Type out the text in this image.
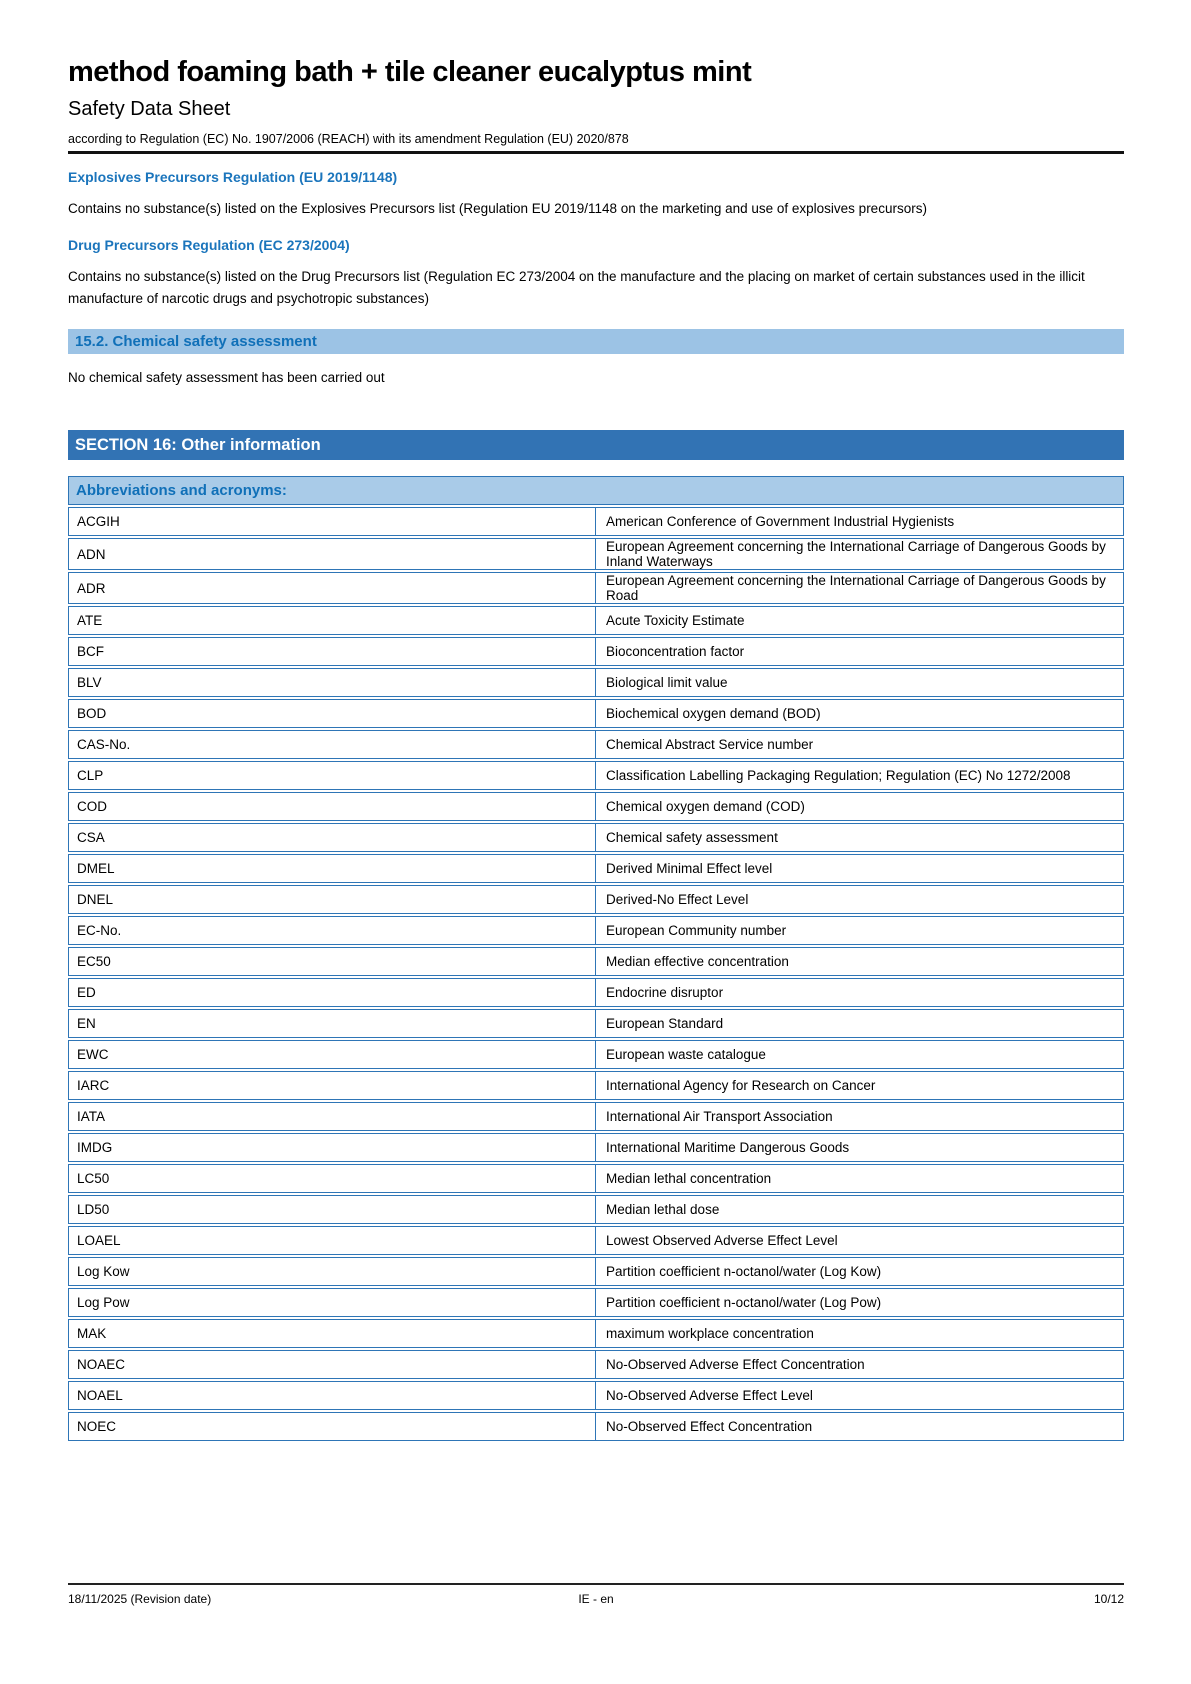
method foaming bath + tile cleaner eucalyptus mint
Safety Data Sheet
according to Regulation (EC) No. 1907/2006 (REACH) with its amendment Regulation (EU) 2020/878
Explosives Precursors Regulation (EU 2019/1148)
Contains no substance(s) listed on the Explosives Precursors list (Regulation EU 2019/1148 on the marketing and use of explosives precursors)
Drug Precursors Regulation (EC 273/2004)
Contains no substance(s) listed on the Drug Precursors list (Regulation EC 273/2004 on the manufacture and the placing on market of certain substances used in the illicit manufacture of narcotic drugs and psychotropic substances)
15.2. Chemical safety assessment
No chemical safety assessment has been carried out
SECTION 16: Other information
Abbreviations and acronyms:	
ACGIH	American Conference of Government Industrial Hygienists
ADN	European Agreement concerning the International Carriage of Dangerous Goods by Inland Waterways
ADR	European Agreement concerning the International Carriage of Dangerous Goods by Road
ATE	Acute Toxicity Estimate
BCF	Bioconcentration factor
BLV	Biological limit value
BOD	Biochemical oxygen demand (BOD)
CAS-No.	Chemical Abstract Service number
CLP	Classification Labelling Packaging Regulation; Regulation (EC) No 1272/2008
COD	Chemical oxygen demand (COD)
CSA	Chemical safety assessment
DMEL	Derived Minimal Effect level
DNEL	Derived-No Effect Level
EC-No.	European Community number
EC50	Median effective concentration
ED	Endocrine disruptor
EN	European Standard
EWC	European waste catalogue
IARC	International Agency for Research on Cancer
IATA	International Air Transport Association
IMDG	International Maritime Dangerous Goods
LC50	Median lethal concentration
LD50	Median lethal dose
LOAEL	Lowest Observed Adverse Effect Level
Log Kow	Partition coefficient n-octanol/water (Log Kow)
Log Pow	Partition coefficient n-octanol/water (Log Pow)
MAK	maximum workplace concentration
NOAEC	No-Observed Adverse Effect Concentration
NOAEL	No-Observed Adverse Effect Level
NOEC	No-Observed Effect Concentration
18/11/2025 (Revision date)	IE - en	10/12
